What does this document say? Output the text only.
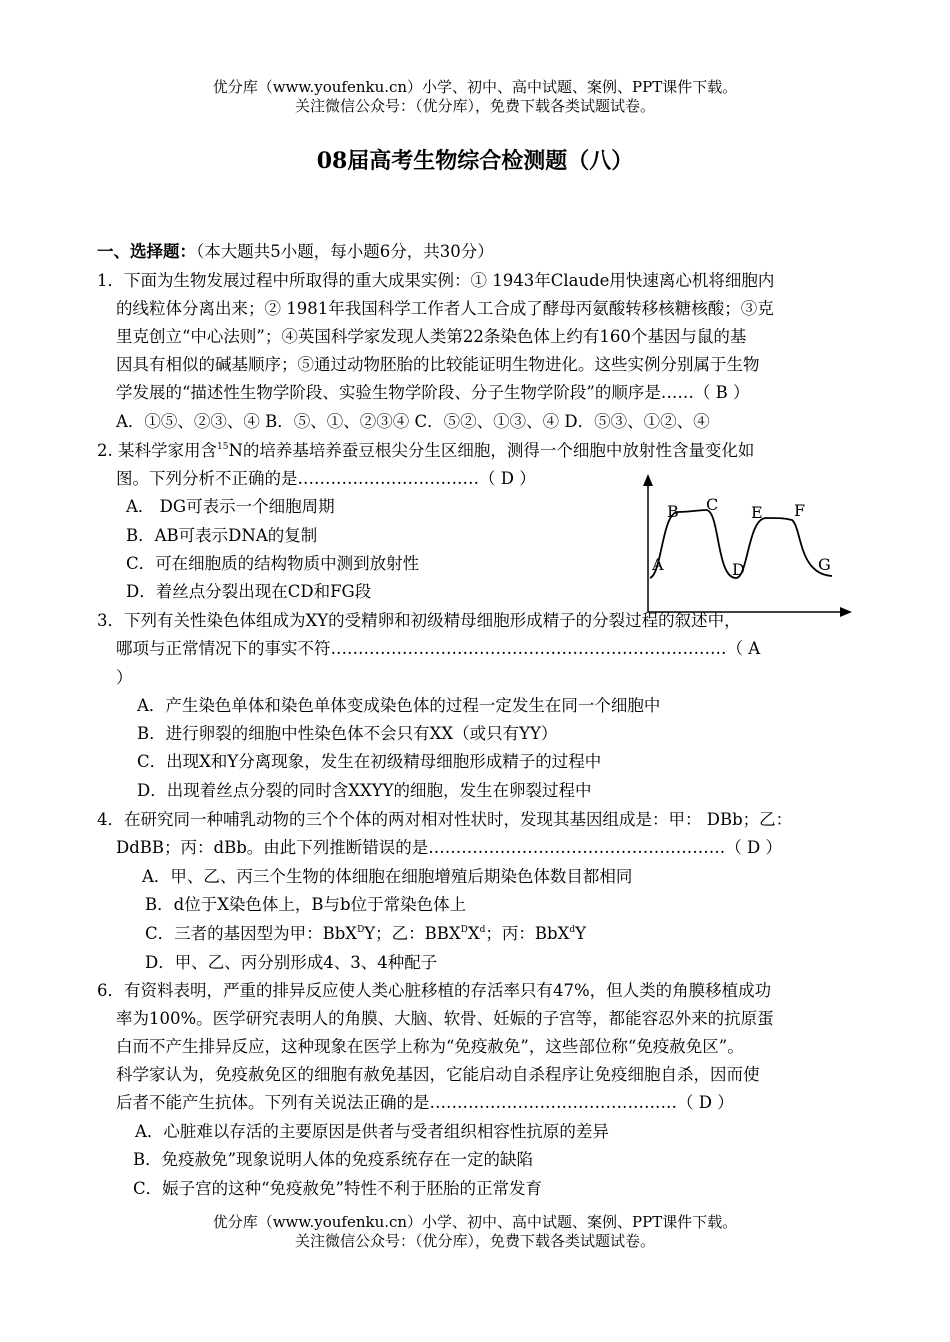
优分库（www.youfenku.cn）小学、初中、高中试题、案例、PPT课件下载。
关注微信公众号：（优分库），免费下载各类试题试卷。
08届高考生物综合检测题（八）
一、选择题：（本大题共5小题，每小题6分，共30分）
1．下面为生物发展过程中所取得的重大成果实例：① 1943年Claude用快速离心机将细胞内
的线粒体分离出来；② 1981年我国科学工作者人工合成了酵母丙氨酸转移核糖核酸；③克
里克创立“中心法则”；④英国科学家发现人类第22条染色体上约有160个基因与鼠的基
因具有相似的碱基顺序；⑤通过动物胚胎的比较能证明生物进化。这些实例分别属于生物
学发展的“描述性生物学阶段、实验生物学阶段、分子生物学阶段”的顺序是……（ B ）
A．①⑤、②③、④ B．⑤、①、②③④ C．⑤②、①③、④ D．⑤③、①②、④
2. 某科学家用含$^{15}$N的培养基培养蚕豆根尖分生区细胞，测得一个细胞中放射性含量变化如
图。下列分析不正确的是……………………………（ D ）
A． DG可表示一个细胞周期
B．AB可表示DNA的复制
C．可在细胞质的结构物质中测到放射性
D．着丝点分裂出现在CD和FG段
A
B C
D
E F
G
3．下列有关性染色体组成为XY的受精卵和初级精母细胞形成精子的分裂过程的叙述中，
哪项与正常情况下的事实不符………………………………………………………………（ A
）
A．产生染色单体和染色单体变成染色体的过程一定发生在同一个细胞中
B．进行卵裂的细胞中性染色体不会只有XX（或只有YY）
C．出现X和Y分离现象，发生在初级精母细胞形成精子的过程中
D．出现着丝点分裂的同时含XXYY的细胞，发生在卵裂过程中
4．在研究同一种哺乳动物的三个个体的两对相对性状时，发现其基因组成是：甲： DBb；乙：
DdBB；丙：dBb。由此下列推断错误的是………………………………………………（ D ）
A．甲、乙、丙三个生物的体细胞在细胞增殖后期染色体数目都相同
B．d位于X染色体上，B与b位于常染色体上
C．三者的基因型为甲：BbX$^D$Y；乙：$BBX^DX^d$；丙：BbX$^d$Y
D．甲、乙、丙分别形成4、3、4种配子
6．有资料表明，严重的排异反应使人类心脏移植的存活率只有47%，但人类的角膜移植成功
率为100%。医学研究表明人的角膜、大脑、软骨、妊娠的子宫等，都能容忍外来的抗原蛋
白而不产生排异反应，这种现象在医学上称为“免疫赦免”，这些部位称“免疫赦免区”。
科学家认为，免疫赦免区的细胞有赦免基因，它能启动自杀程序让免疫细胞自杀，因而使
后者不能产生抗体。下列有关说法正确的是………………………………………（ D ）
A．心脏难以存活的主要原因是供者与受者组织相容性抗原的差异
B．免疫赦免”现象说明人体的免疫系统存在一定的缺陷
C．娠子宫的这种“免疫赦免”特性不利于胚胎的正常发育
优分库（www.youfenku.cn）小学、初中、高中试题、案例、PPT课件下载。
关注微信公众号：（优分库），免费下载各类试题试卷。
